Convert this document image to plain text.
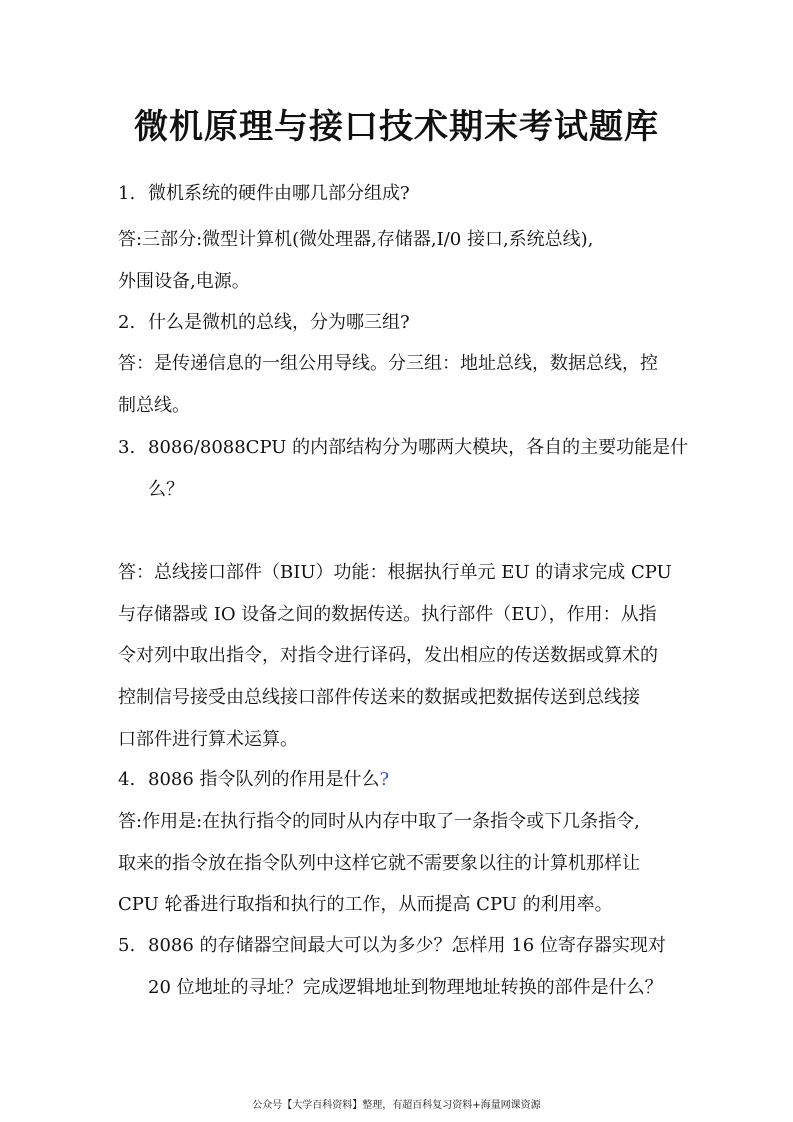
微机原理与接口技术期末考试题库
1. 微机系统的硬件由哪几部分组成?
答:三部分:微型计算机(微处理器,存储器,I/0 接口,系统总线),
外围设备,电源。
2. 什么是微机的总线，分为哪三组?
答：是传递信息的一组公用导线。分三组：地址总线，数据总线，控
制总线。
3. 8086/8088CPU 的内部结构分为哪两大模块，各自的主要功能是什
么？
答：总线接口部件（BIU）功能：根据执行单元 EU 的请求完成 CPU
与存储器或 IO 设备之间的数据传送。执行部件（EU），作用：从指
令对列中取出指令，对指令进行译码，发出相应的传送数据或算术的
控制信号接受由总线接口部件传送来的数据或把数据传送到总线接
口部件进行算术运算。
4. 8086 指令队列的作用是什么?
答:作用是:在执行指令的同时从内存中取了一条指令或下几条指令,
取来的指令放在指令队列中这样它就不需要象以往的计算机那样让
CPU 轮番进行取指和执行的工作，从而提高 CPU 的利用率。
5. 8086 的存储器空间最大可以为多少？怎样用 16 位寄存器实现对
20 位地址的寻址？完成逻辑地址到物理地址转换的部件是什么？
公众号【大学百科资料】整理，有超百科复习资料+海量网课资源
